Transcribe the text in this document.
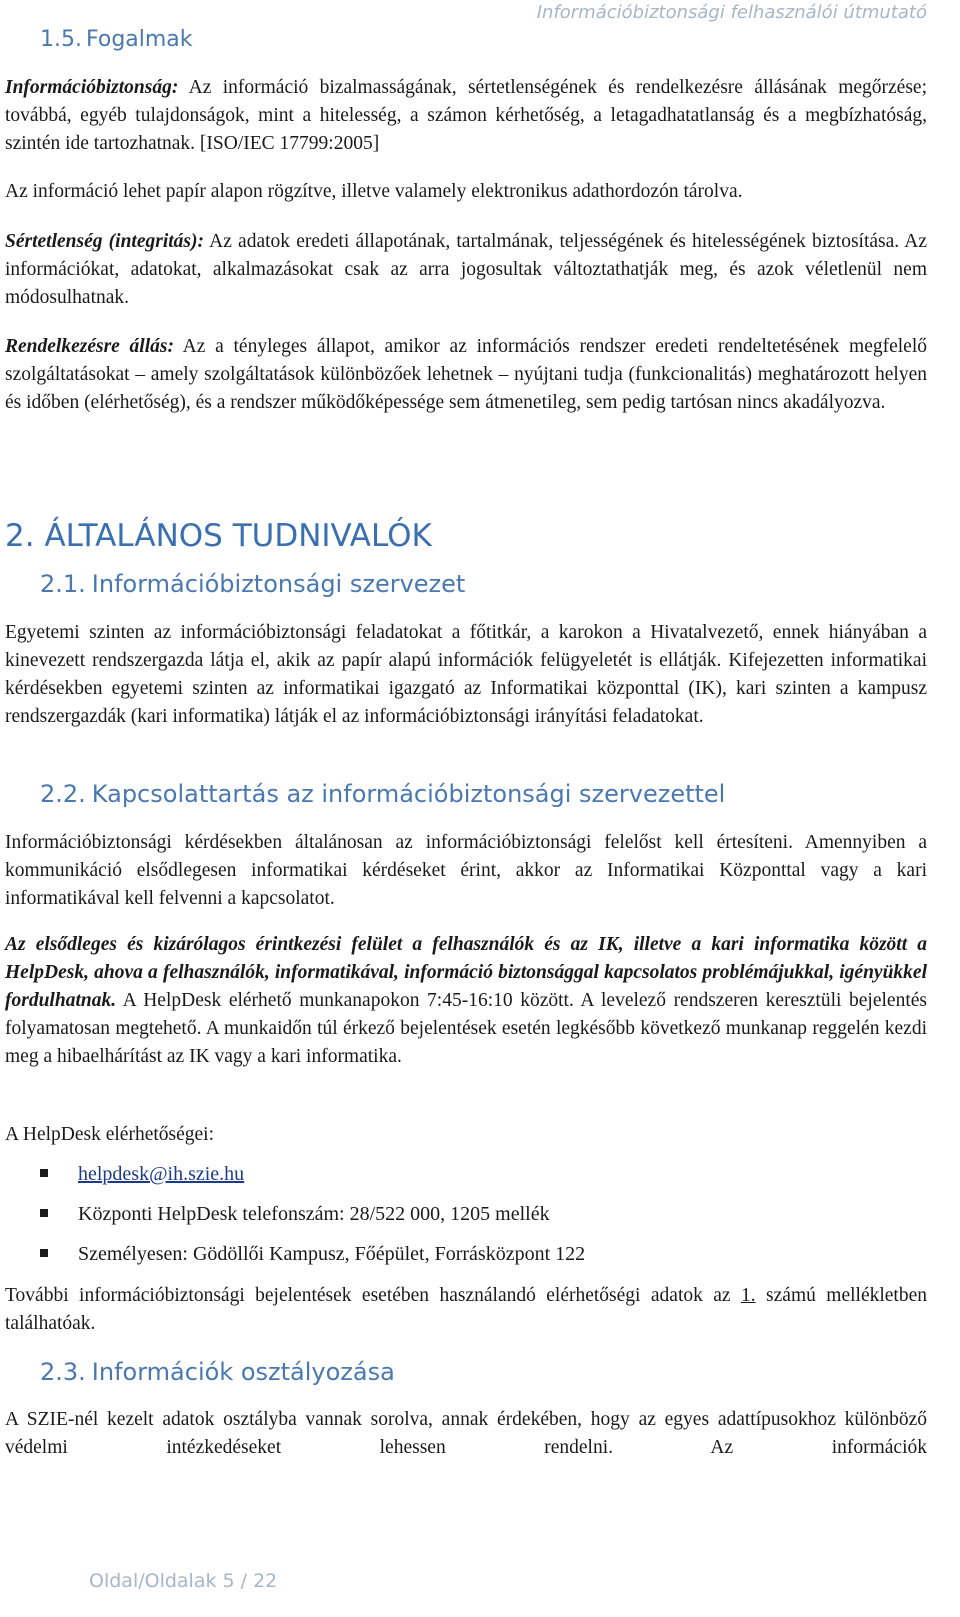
Információbiztonsági felhasználói útmutató
1.5. Fogalmak

Információbiztonság: Az információ bizalmasságának, sértetlenségének és rendelkezésre állásának megőrzése; továbbá, egyéb tulajdonságok, mint a hitelesség, a számon kérhetőség, a letagadhatatlanság és a megbízhatóság, szintén ide tartozhatnak. [ISO/IEC 17799:2005]

Az információ lehet papír alapon rögzítve, illetve valamely elektronikus adathordozón tárolva.

Sértetlenség (integritás): Az adatok eredeti állapotának, tartalmának, teljességének és hitelességének biztosítása. Az információkat, adatokat, alkalmazásokat csak az arra jogosultak változtathatják meg, és azok véletlenül nem módosulhatnak.

Rendelkezésre állás: Az a tényleges állapot, amikor az információs rendszer eredeti rendeltetésének megfelelő szolgáltatásokat – amely szolgáltatások különbözőek lehetnek – nyújtani tudja (funkcionalitás) meghatározott helyen és időben (elérhetőség), és a rendszer működőképessége sem átmenetileg, sem pedig tartósan nincs akadályozva.

2. ÁLTALÁNOS TUDNIVALÓK
2.1. Információbiztonsági szervezet

Egyetemi szinten az információbiztonsági feladatokat a főtitkár, a karokon a Hivatalvezető, ennek hiányában a kinevezett rendszergazda látja el, akik az papír alapú információk felügyeletét is ellátják. Kifejezetten informatikai kérdésekben egyetemi szinten az informatikai igazgató az Informatikai központtal (IK), kari szinten a kampusz rendszergazdák (kari informatika) látják el az információbiztonsági irányítási feladatokat.

2.2. Kapcsolattartás az információbiztonsági szervezettel

Információbiztonsági kérdésekben általánosan az információbiztonsági felelőst kell értesíteni. Amennyiben a kommunikáció elsődlegesen informatikai kérdéseket érint, akkor az Informatikai Központtal vagy a kari informatikával kell felvenni a kapcsolatot.

Az elsődleges és kizárólagos érintkezési felület a felhasználók és az IK, illetve a kari informatika között a HelpDesk, ahova a felhasználók, informatikával, információ biztonsággal kapcsolatos problémájukkal, igényükkel fordulhatnak. A HelpDesk elérhető munkanapokon 7:45-16:10 között. A levelező rendszeren keresztüli bejelentés folyamatosan megtehető. A munkaidőn túl érkező bejelentések esetén legkésőbb következő munkanap reggelén kezdi meg a hibaelhárítást az IK vagy a kari informatika.

A HelpDesk elérhetőségei:

helpdesk@ih.szie.hu
Központi HelpDesk telefonszám: 28/522 000, 1205 mellék
Személyesen: Gödöllői Kampusz, Főépület, Forrásközpont 122

További információbiztonsági bejelentések esetében használandó elérhetőségi adatok az 1. számú mellékletben találhatóak.

2.3. Információk osztályozása

A SZIE-nél kezelt adatok osztályba vannak sorolva, annak érdekében, hogy az egyes adattípusokhoz különböző védelmi intézkedéseket lehessen rendelni. Az információk

Oldal/Oldalak 5 / 22
